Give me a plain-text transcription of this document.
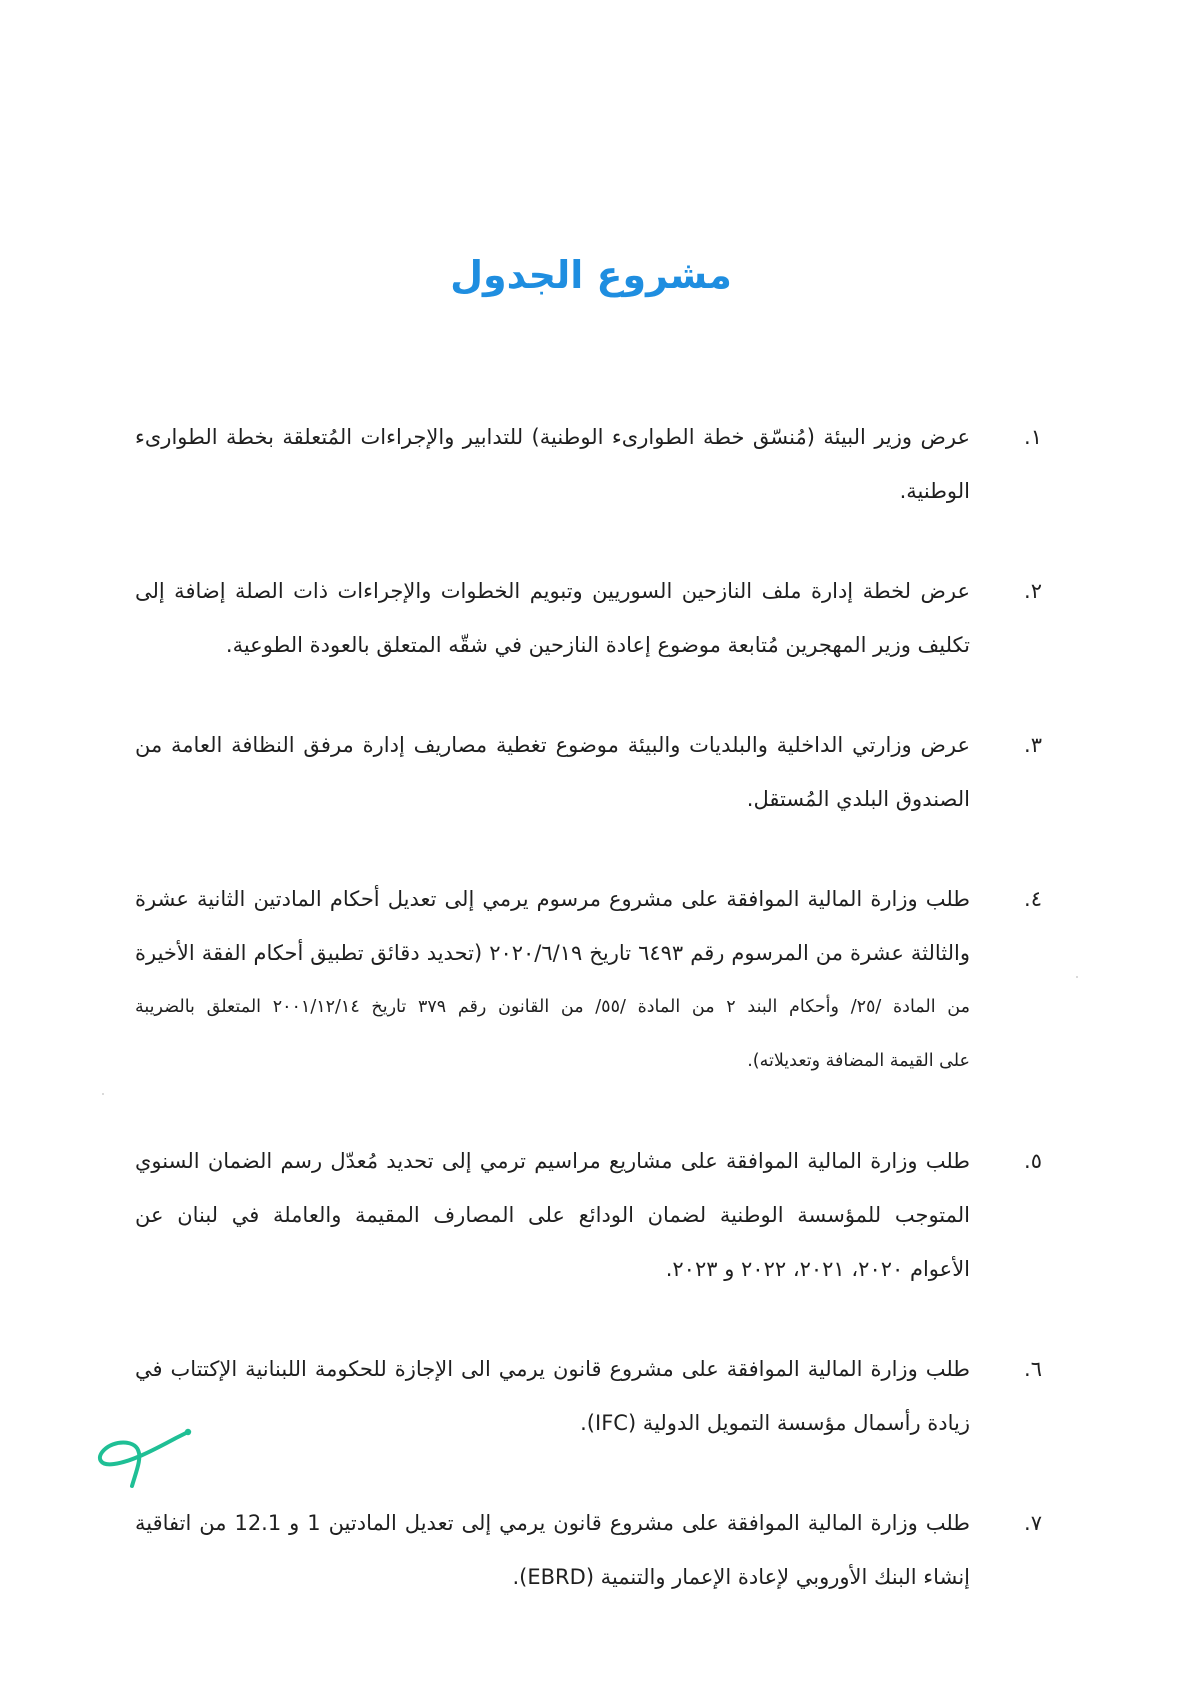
مشروع الجدول
١.
عرض وزير البيئة (مُنسّق خطة الطوارىء الوطنية) للتدابير والإجراءات المُتعلقة بخطة الطوارىء
الوطنية.
٢.
عرض لخطة إدارة ملف النازحين السوريين وتبويم الخطوات والإجراءات ذات الصلة إضافة إلى
تكليف وزير المهجرين مُتابعة موضوع إعادة النازحين في شقّه المتعلق بالعودة الطوعية.
٣.
عرض وزارتي الداخلية والبلديات والبيئة موضوع تغطية مصاريف إدارة مرفق النظافة العامة من
الصندوق البلدي المُستقل.
٤.
طلب وزارة المالية الموافقة على مشروع مرسوم يرمي إلى تعديل أحكام المادتين الثانية عشرة
والثالثة عشرة من المرسوم رقم ٦٤٩٣ تاريخ ٢٠٢٠/٦/١٩ (تحديد دقائق تطبيق أحكام الفقة الأخيرة
من المادة /٢٥/ وأحكام البند ٢ من المادة /٥٥/ من القانون رقم ٣٧٩ تاريخ ٢٠٠١/١٢/١٤ المتعلق بالضريبة
على القيمة المضافة وتعديلاته).
٥.
طلب وزارة المالية الموافقة على مشاريع مراسيم ترمي إلى تحديد مُعدّل رسم الضمان السنوي
المتوجب للمؤسسة الوطنية لضمان الودائع على المصارف المقيمة والعاملة في لبنان عن
الأعوام ٢٠٢٠، ٢٠٢١، ٢٠٢٢ و ٢٠٢٣.
٦.
طلب وزارة المالية الموافقة على مشروع قانون يرمي الى الإجازة للحكومة اللبنانية الإكتتاب في
زيادة رأسمال مؤسسة التمويل الدولية (IFC).
٧.
طلب وزارة المالية الموافقة على مشروع قانون يرمي إلى تعديل المادتين 1 و 12.1 من اتفاقية
إنشاء البنك الأوروبي لإعادة الإعمار والتنمية (EBRD).
